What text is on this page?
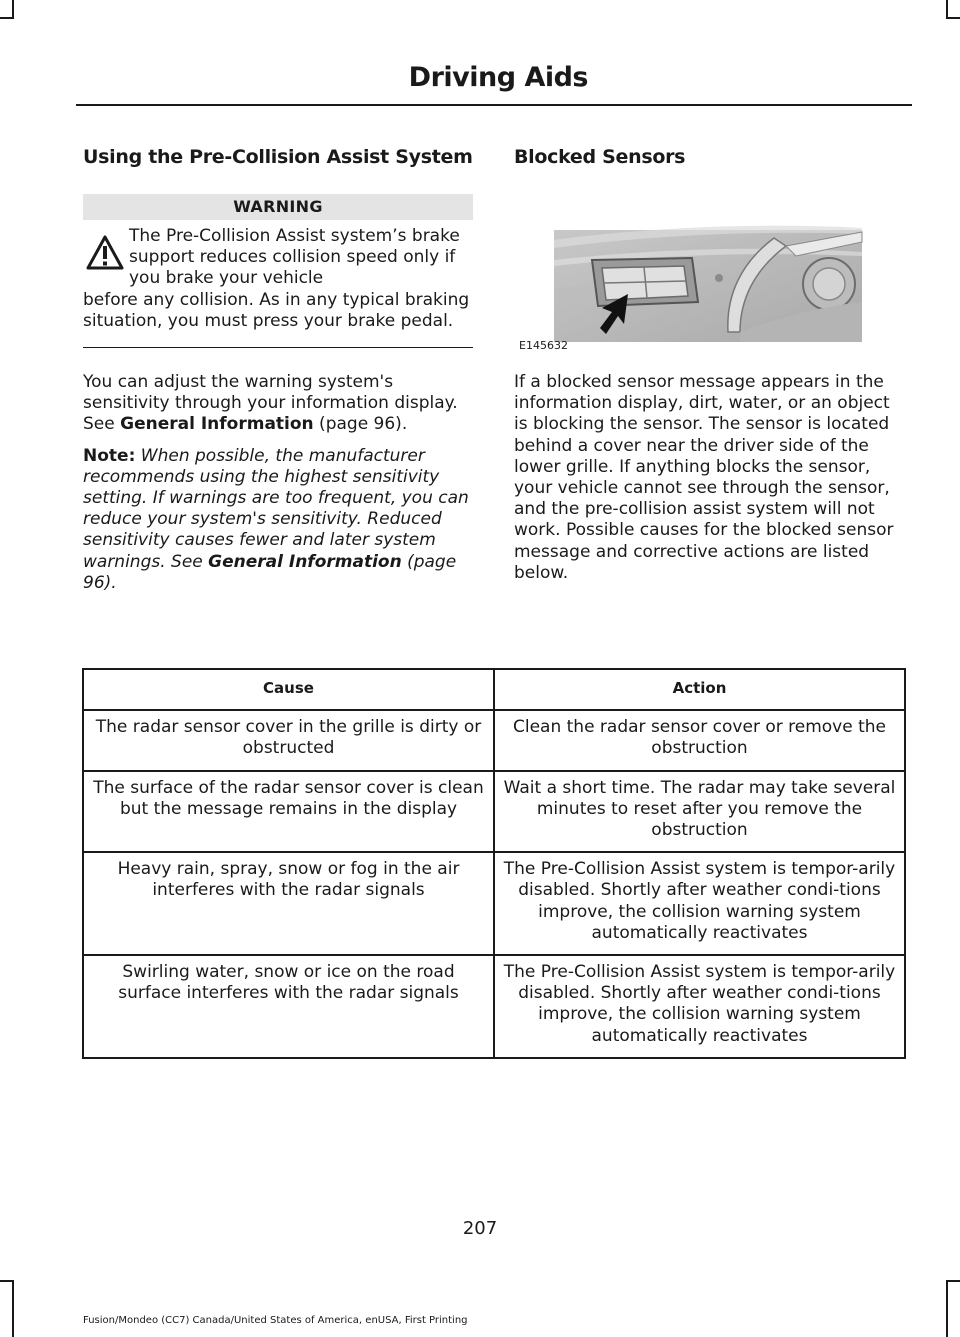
Driving Aids
Using the Pre-Collision Assist System
WARNING
The Pre-Collision Assist system’s brake support reduces collision speed only if you brake your vehicle
before any collision. As in any typical braking situation, you must press your brake pedal.

You can adjust the warning system's sensitivity through your information display. See General Information (page 96).

Note: When possible, the manufacturer recommends using the highest sensitivity setting. If warnings are too frequent, you can reduce your system's sensitivity. Reduced sensitivity causes fewer and later system warnings. See General Information (page 96).

Blocked Sensors
E145632

If a blocked sensor message appears in the information display, dirt, water, or an object is blocking the sensor. The sensor is located behind a cover near the driver side of the lower grille. If anything blocks the sensor, your vehicle cannot see through the sensor, and the pre-collision assist system will not work. Possible causes for the blocked sensor message and corrective actions are listed below.

Cause	Action
The radar sensor cover in the grille is dirty or obstructed	Clean the radar sensor cover or remove the obstruction
The surface of the radar sensor cover is clean but the message remains in the display	Wait a short time. The radar may take several minutes to reset after you remove the obstruction
Heavy rain, spray, snow or fog in the air interferes with the radar signals	The Pre-Collision Assist system is tempor-arily disabled. Shortly after weather condi-tions improve, the collision warning system automatically reactivates
Swirling water, snow or ice on the road surface interferes with the radar signals	The Pre-Collision Assist system is tempor-arily disabled. Shortly after weather condi-tions improve, the collision warning system automatically reactivates
207
Fusion/Mondeo (CC7) Canada/United States of America, enUSA, First Printing
